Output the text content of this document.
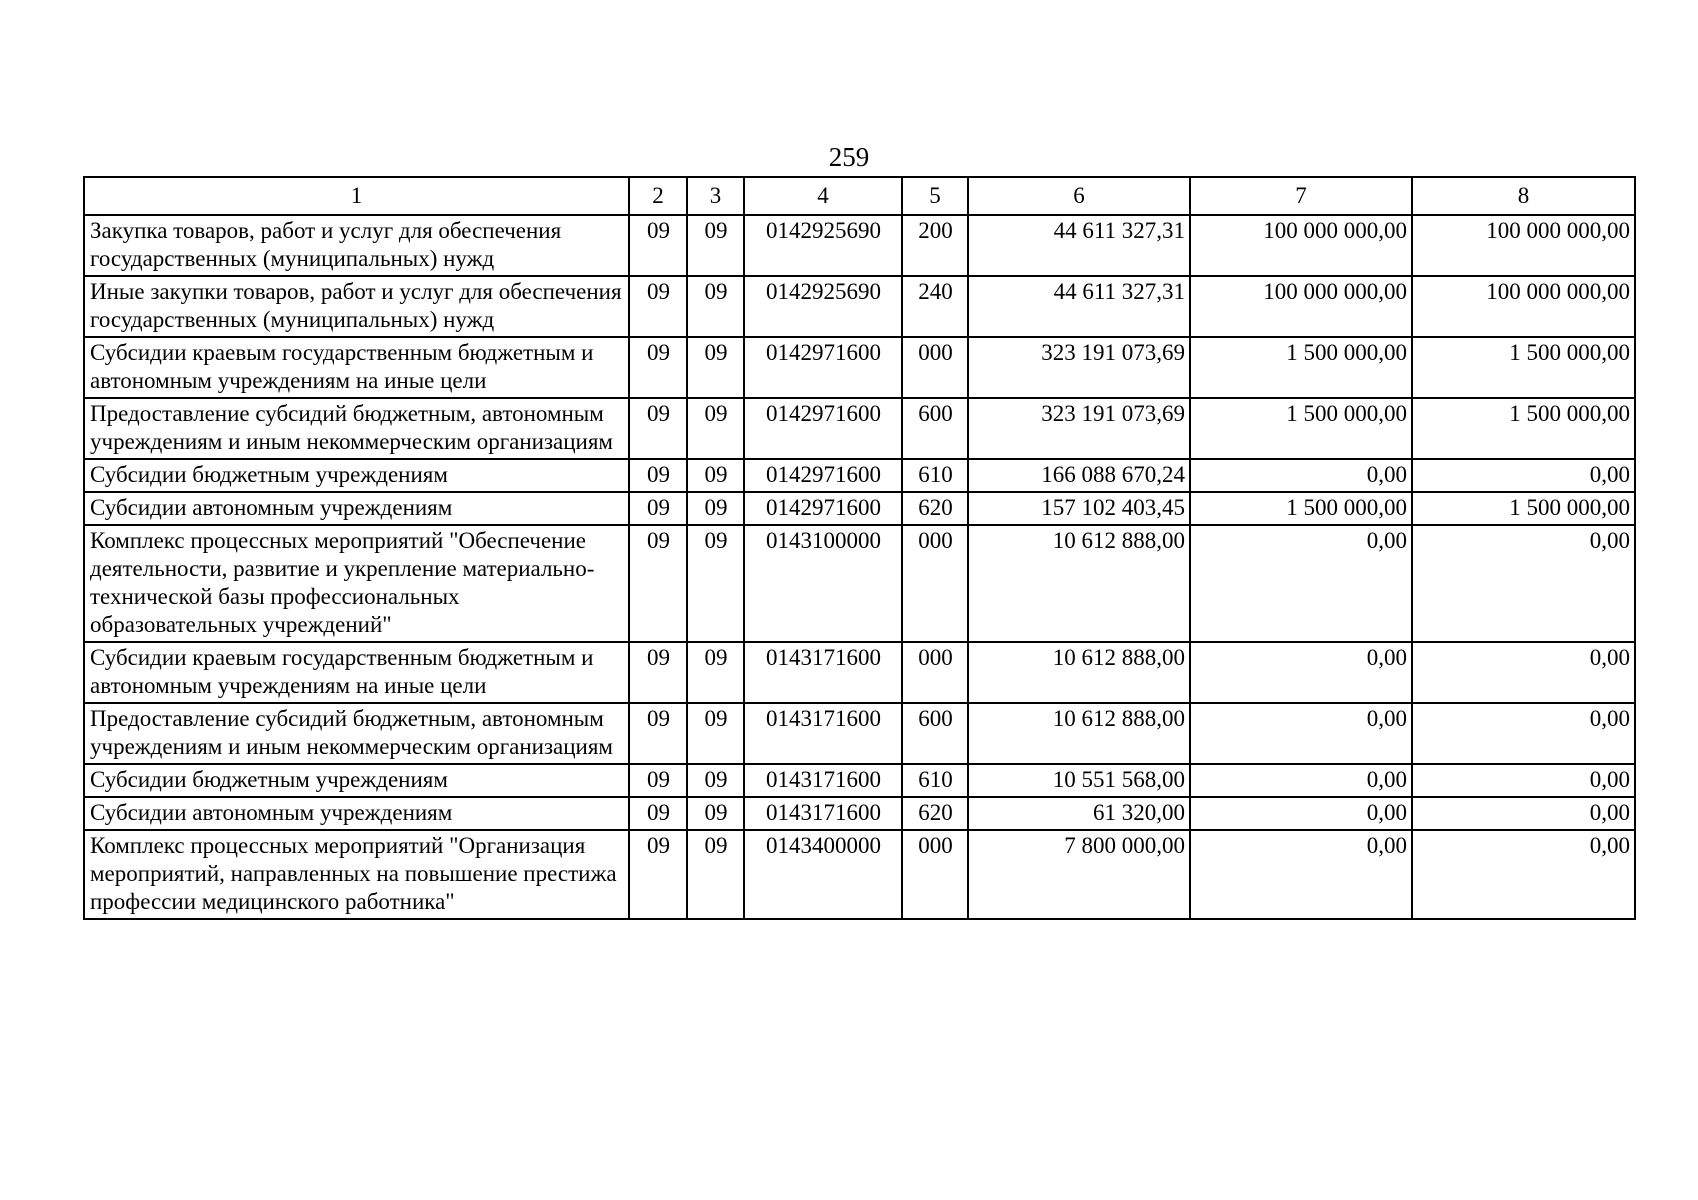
259
1	2	3	4	5	6	7	8
Закупка товаров, работ и услуг для обеспечения государственных (муниципальных) нужд	09	09	0142925690	200	44 611 327,31	100 000 000,00	100 000 000,00
Иные закупки товаров, работ и услуг для обеспечения государственных (муниципальных) нужд	09	09	0142925690	240	44 611 327,31	100 000 000,00	100 000 000,00
Субсидии краевым государственным бюджетным и автономным учреждениям на иные цели	09	09	0142971600	000	323 191 073,69	1 500 000,00	1 500 000,00
Предоставление субсидий бюджетным, автономным учреждениям и иным некоммерческим организациям	09	09	0142971600	600	323 191 073,69	1 500 000,00	1 500 000,00
Субсидии бюджетным учреждениям	09	09	0142971600	610	166 088 670,24	0,00	0,00
Субсидии автономным учреждениям	09	09	0142971600	620	157 102 403,45	1 500 000,00	1 500 000,00
Комплекс процессных мероприятий "Обеспечение деятельности, развитие и укрепление материально-технической базы профессиональных образовательных учреждений"	09	09	0143100000	000	10 612 888,00	0,00	0,00
Субсидии краевым государственным бюджетным и автономным учреждениям на иные цели	09	09	0143171600	000	10 612 888,00	0,00	0,00
Предоставление субсидий бюджетным, автономным учреждениям и иным некоммерческим организациям	09	09	0143171600	600	10 612 888,00	0,00	0,00
Субсидии бюджетным учреждениям	09	09	0143171600	610	10 551 568,00	0,00	0,00
Субсидии автономным учреждениям	09	09	0143171600	620	61 320,00	0,00	0,00
Комплекс процессных мероприятий "Организация мероприятий, направленных на повышение престижа профессии медицинского работника"	09	09	0143400000	000	7 800 000,00	0,00	0,00
